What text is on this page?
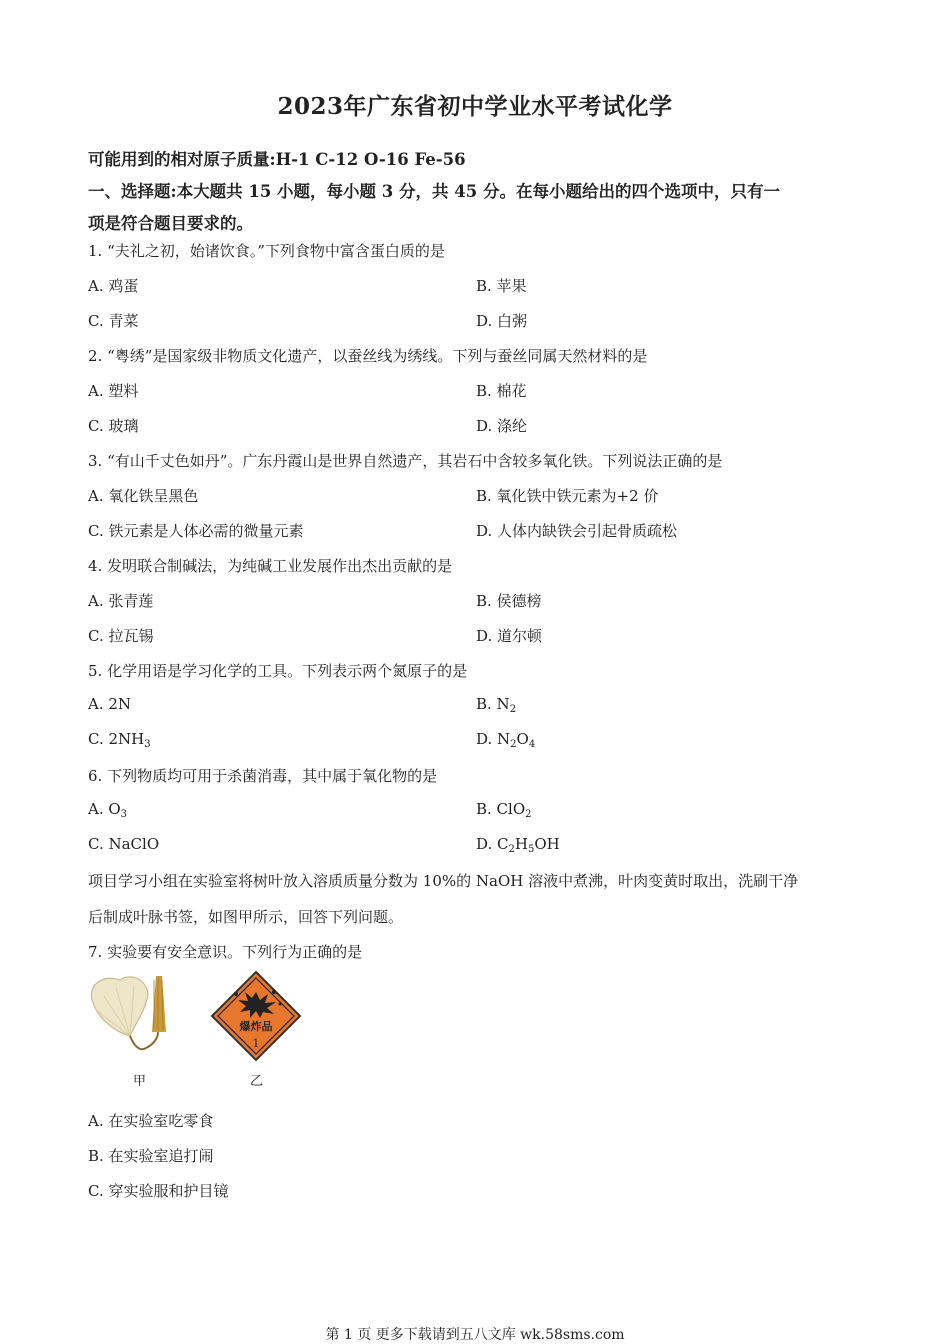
2023年广东省初中学业水平考试化学
可能用到的相对原子质量:H-1 C-12 O-16 Fe-56
一、选择题:本大题共 15 小题，每小题 3 分，共 45 分。在每小题给出的四个选项中，只有一
项是符合题目要求的。
1. “夫礼之初，始诸饮食。”下列食物中富含蛋白质的是
A. 鸡蛋	B. 苹果
C. 青菜	D. 白粥
2. “粤绣”是国家级非物质文化遗产，以蚕丝线为绣线。下列与蚕丝同属天然材料的是
A. 塑料	B. 棉花
C. 玻璃	D. 涤纶
3. “有山千丈色如丹”。广东丹霞山是世界自然遗产，其岩石中含较多氧化铁。下列说法正确的是
A. 氧化铁呈黑色	B. 氧化铁中铁元素为+2 价
C. 铁元素是人体必需的微量元素	D. 人体内缺铁会引起骨质疏松
4. 发明联合制碱法，为纯碱工业发展作出杰出贡献的是
A. 张青莲	B. 侯德榜
C. 拉瓦锡	D. 道尔顿
5. 化学用语是学习化学的工具。下列表示两个氮原子的是
A. 2N	B. $N_2$
C. $2NH_3$	D. $N_2O_4$
6. 下列物质均可用于杀菌消毒，其中属于氧化物的是
A. $O_3$	B. ClO$_2$
C. NaClO	D. $C_2H_5OH$
项目学习小组在实验室将树叶放入溶质质量分数为 10%的 NaOH 溶液中煮沸，叶肉变黄时取出，洗刷干净
后制成叶脉书签，如图甲所示，回答下列问题。
7. 实验要有安全意识。下列行为正确的是
甲
爆炸品
1
乙
A. 在实验室吃零食
B. 在实验室追打闹
C. 穿实验服和护目镜
第 1 页 更多下载请到五八文库 wk.58sms.com
